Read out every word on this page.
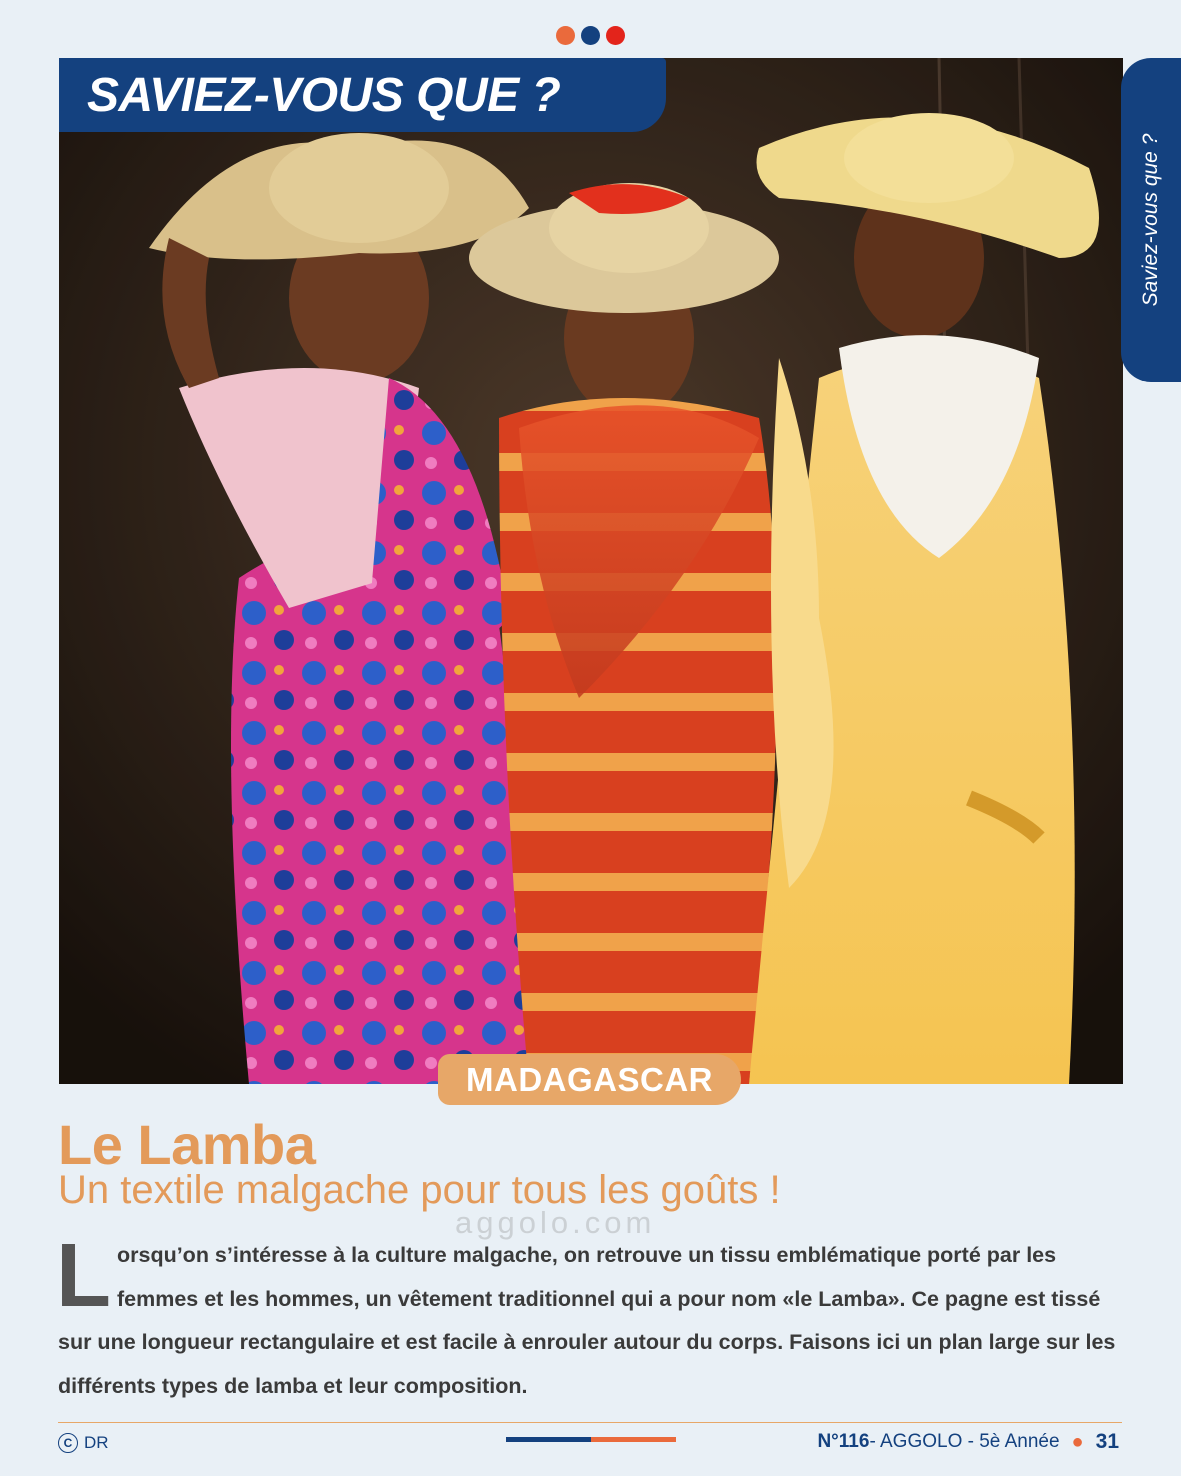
SAVIEZ-VOUS QUE ?
Saviez-vous que ?
MADAGASCAR
Le Lamba
Un textile malgache pour tous les goûts !
aggolo.com
Lorsqu’on s’intéresse à la culture malgache, on retrouve un tissu emblématique porté par les femmes et les hommes, un vêtement traditionnel qui a pour nom «le Lamba». Ce pagne est tissé sur une longueur rectangulaire et est facile à enrouler autour du corps. Faisons ici un plan large sur les différents types de lamba et leur composition.
C DR	N°116 - AGGOLO - 5è Année ● 31
